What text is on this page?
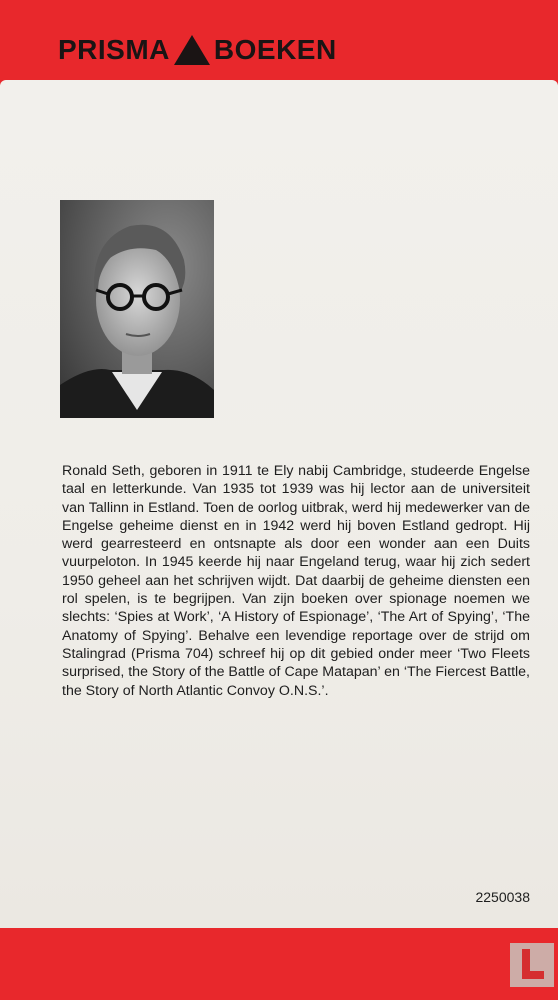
PRISMA BOEKEN

Ronald Seth, geboren in 1911 te Ely nabij Cambridge, studeerde Engelse taal en letterkunde. Van 1935 tot 1939 was hij lector aan de universiteit van Tallinn in Estland. Toen de oorlog uitbrak, werd hij medewerker van de Engelse geheime dienst en in 1942 werd hij boven Estland gedropt. Hij werd gearresteerd en ontsnapte als door een wonder aan een Duits vuurpeloton. In 1945 keerde hij naar Engeland terug, waar hij zich sedert 1950 geheel aan het schrijven wijdt. Dat daarbij de geheime diensten een rol spelen, is te begrijpen. Van zijn boeken over spionage noemen we slechts: ‘Spies at Work’, ‘A History of Espionage’, ‘The Art of Spying’, ‘The Anatomy of Spying’. Behalve een levendige reportage over de strijd om Stalingrad (Prisma 704) schreef hij op dit gebied onder meer ‘Two Fleets surprised, the Story of the Battle of Cape Matapan’ en ‘The Fiercest Battle, the Story of North Atlantic Convoy O.N.S.’.

2250038
